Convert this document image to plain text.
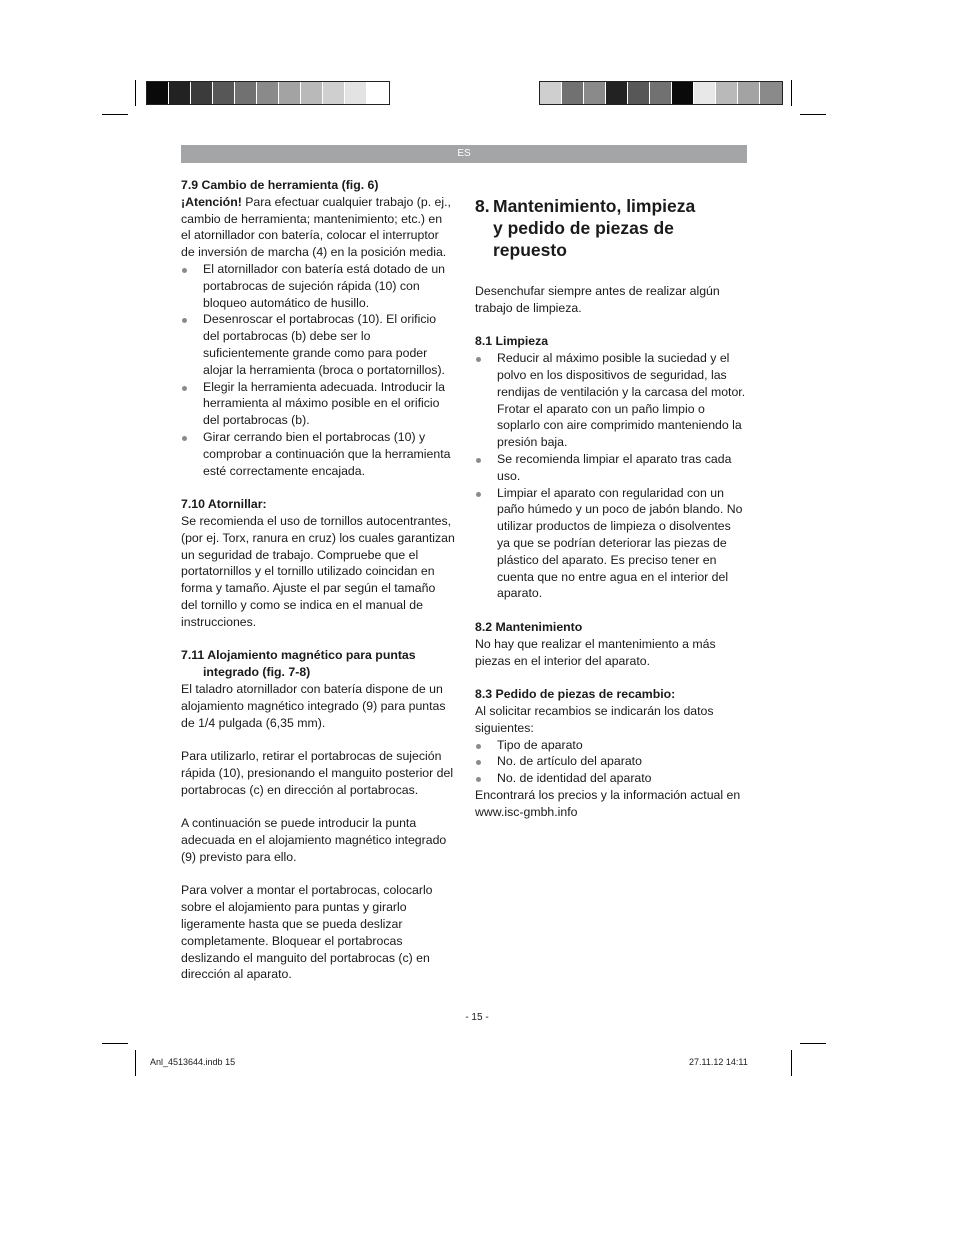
ES

7.9 Cambio de herramienta (fig. 6)

¡Atención! Para efectuar cualquier trabajo (p. ej., cambio de herramienta; mantenimiento; etc.) en el atornillador con batería, colocar el interruptor de inversión de marcha (4) en la posición media.

El atornillador con batería está dotado de un portabrocas de sujeción rápida (10) con bloqueo automático de husillo.
Desenroscar el portabrocas (10). El orificio del portabrocas (b) debe ser lo suficientemente grande como para poder alojar la herramienta (broca o portatornillos).
Elegir la herramienta adecuada. Introducir la herramienta al máximo posible en el orificio del portabrocas (b).
Girar cerrando bien el portabrocas (10) y comprobar a continuación que la herramienta esté correctamente encajada.

7.10 Atornillar:

Se recomienda el uso de tornillos autocentrantes, (por ej. Torx, ranura en cruz) los cuales garantizan un seguridad de trabajo. Compruebe que el portatornillos y el tornillo utilizado coincidan en forma y tamaño. Ajuste el par según el tamaño del tornillo y como se indica en el manual de instrucciones.

7.11 Alojamiento magnético para puntas integrado (fig. 7-8)

El taladro atornillador con batería dispone de un alojamiento magnético integrado (9) para puntas de 1/4 pulgada (6,35 mm).

Para utilizarlo, retirar el portabrocas de sujeción rápida (10), presionando el manguito posterior del portabrocas (c) en dirección al portabrocas.

A continuación se puede introducir la punta adecuada en el alojamiento magnético integrado (9) previsto para ello.

Para volver a montar el portabrocas, colocarlo sobre el alojamiento para puntas y girarlo ligeramente hasta que se pueda deslizar completamente. Bloquear el portabrocas deslizando el manguito del portabrocas (c) en dirección al aparato.

8. Mantenimiento, limpieza
y pedido de piezas de repuesto

Desenchufar siempre antes de realizar algún trabajo de limpieza.

8.1 Limpieza

Reducir al máximo posible la suciedad y el polvo en los dispositivos de seguridad, las rendijas de ventilación y la carcasa del motor. Frotar el aparato con un paño limpio o soplarlo con aire comprimido manteniendo la presión baja.
Se recomienda limpiar el aparato tras cada uso.
Limpiar el aparato con regularidad con un paño húmedo y un poco de jabón blando. No utilizar productos de limpieza o disolventes ya que se podrían deteriorar las piezas de plástico del aparato. Es preciso tener en cuenta que no entre agua en el interior del aparato.

8.2 Mantenimiento

No hay que realizar el mantenimiento a más piezas en el interior del aparato.

8.3 Pedido de piezas de recambio:

Al solicitar recambios se indicarán los datos siguientes:

Tipo de aparato
No. de artículo del aparato
No. de identidad del aparato

Encontrará los precios y la información actual en www.isc-gmbh.info

- 15 -
Anl_4513644.indb 15	27.11.12 14:11
